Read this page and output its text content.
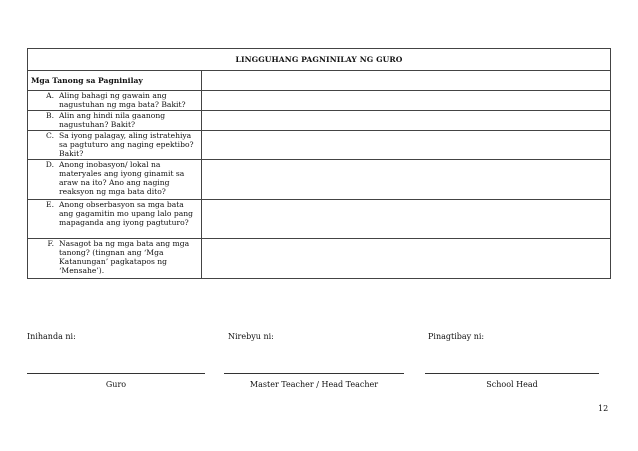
LINGGUHANG PAGNINILAY NG GURO	
Mga Tanong sa Pagninilay	

A. Aling bahagi ng gawain ang nagustuhan ng mga bata? Bakit?	

B. Alin ang hindi nila gaanong nagustuhan? Bakit?	

C. Sa iyong palagay, aling istratehiya sa pagtuturo ang naging epektibo? Bakit?	

D. Anong inobasyon/ lokal na materyales ang iyong ginamit sa araw na ito? Ano ang naging reaksyon ng mga bata dito?	

E. Anong obserbasyon sa mga bata ang gagamitin mo upang lalo pang mapaganda ang iyong pagtuturo?	

F. Nasagot ba ng mga bata ang mga tanong? (tingnan ang ‘Mga Katanungan’ pagkatapos ng ‘Mensahe’).	

Inihanda ni:	Nirebyu ni:	Pinagtibay ni:
Guro	Master Teacher / Head Teacher	School Head
12
